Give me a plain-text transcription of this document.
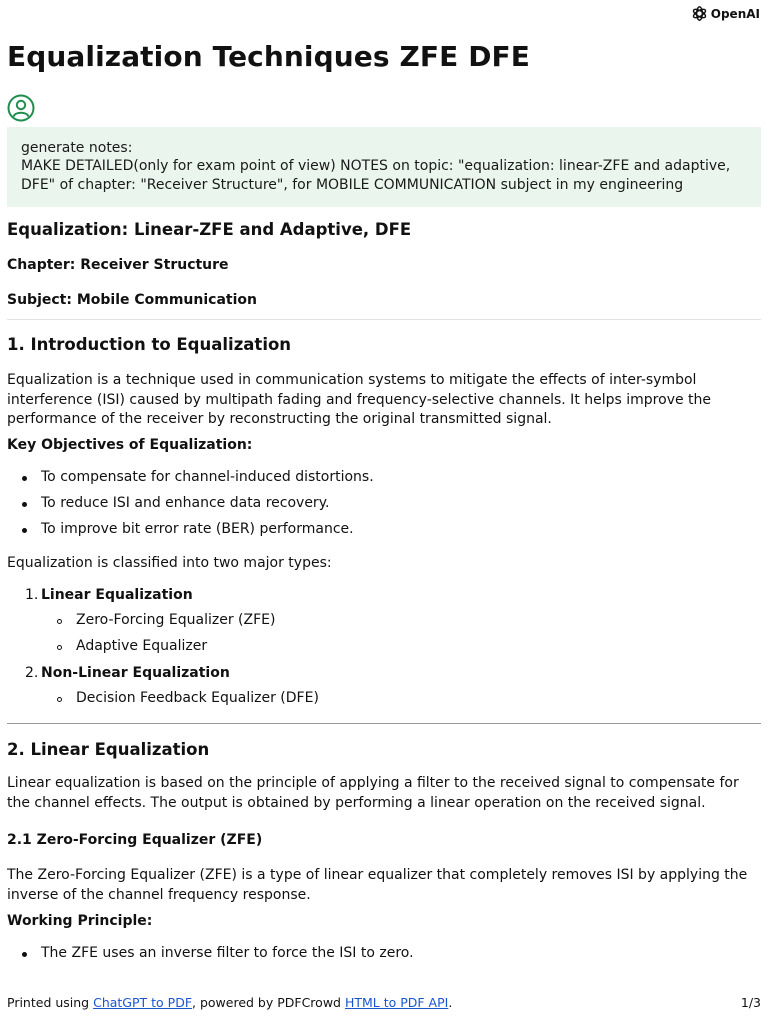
OpenAI
Equalization Techniques ZFE DFE

generate notes:

MAKE DETAILED(only for exam point of view) NOTES on topic: "equalization: linear-ZFE and adaptive, DFE" of chapter: "Receiver Structure", for MOBILE COMMUNICATION subject in my engineering

Equalization: Linear-ZFE and Adaptive, DFE
Chapter: Receiver Structure
Subject: Mobile Communication
1. Introduction to Equalization

Equalization is a technique used in communication systems to mitigate the effects of inter-symbol interference (ISI) caused by multipath fading and frequency-selective channels. It helps improve the performance of the receiver by reconstructing the original transmitted signal.

Key Objectives of Equalization:
To compensate for channel-induced distortions.
To reduce ISI and enhance data recovery.
To improve bit error rate (BER) performance.

Equalization is classified into two major types:

1. Linear Equalization
Zero-Forcing Equalizer (ZFE)
Adaptive Equalizer
2. Non-Linear Equalization
Decision Feedback Equalizer (DFE)
2. Linear Equalization

Linear equalization is based on the principle of applying a filter to the received signal to compensate for the channel effects. The output is obtained by performing a linear operation on the received signal.

2.1 Zero-Forcing Equalizer (ZFE)

The Zero-Forcing Equalizer (ZFE) is a type of linear equalizer that completely removes ISI by applying the inverse of the channel frequency response.

Working Principle:
The ZFE uses an inverse filter to force the ISI to zero.
Printed using ChatGPT to PDF, powered by PDFCrowd HTML to PDF API.	1/3
